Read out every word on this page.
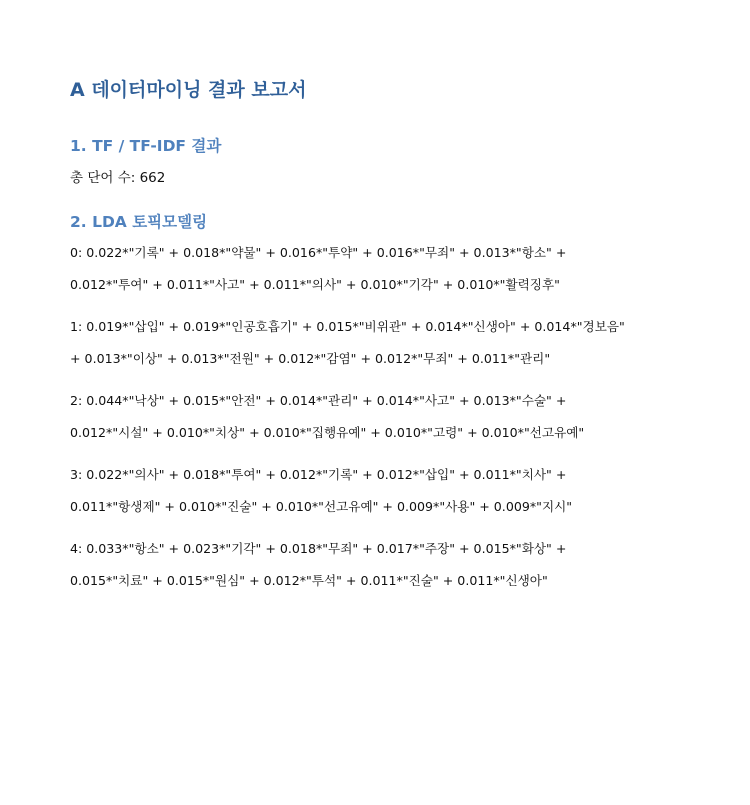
A 데이터마이닝 결과 보고서
1. TF / TF-IDF 결과
총 단어 수: 662
2. LDA 토픽모델링
0: 0.022*"기록" + 0.018*"약물" + 0.016*"투약" + 0.016*"무죄" + 0.013*"항소" +
0.012*"투여" + 0.011*"사고" + 0.011*"의사" + 0.010*"기각" + 0.010*"활력징후"
1: 0.019*"삽입" + 0.019*"인공호흡기" + 0.015*"비위관" + 0.014*"신생아" + 0.014*"경보음"
+ 0.013*"이상" + 0.013*"전원" + 0.012*"감염" + 0.012*"무죄" + 0.011*"관리"
2: 0.044*"낙상" + 0.015*"안전" + 0.014*"관리" + 0.014*"사고" + 0.013*"수술" +
0.012*"시설" + 0.010*"치상" + 0.010*"집행유예" + 0.010*"고령" + 0.010*"선고유예"
3: 0.022*"의사" + 0.018*"투여" + 0.012*"기록" + 0.012*"삽입" + 0.011*"치사" +
0.011*"항생제" + 0.010*"진술" + 0.010*"선고유예" + 0.009*"사용" + 0.009*"지시"
4: 0.033*"항소" + 0.023*"기각" + 0.018*"무죄" + 0.017*"주장" + 0.015*"화상" +
0.015*"치료" + 0.015*"원심" + 0.012*"투석" + 0.011*"진술" + 0.011*"신생아"
